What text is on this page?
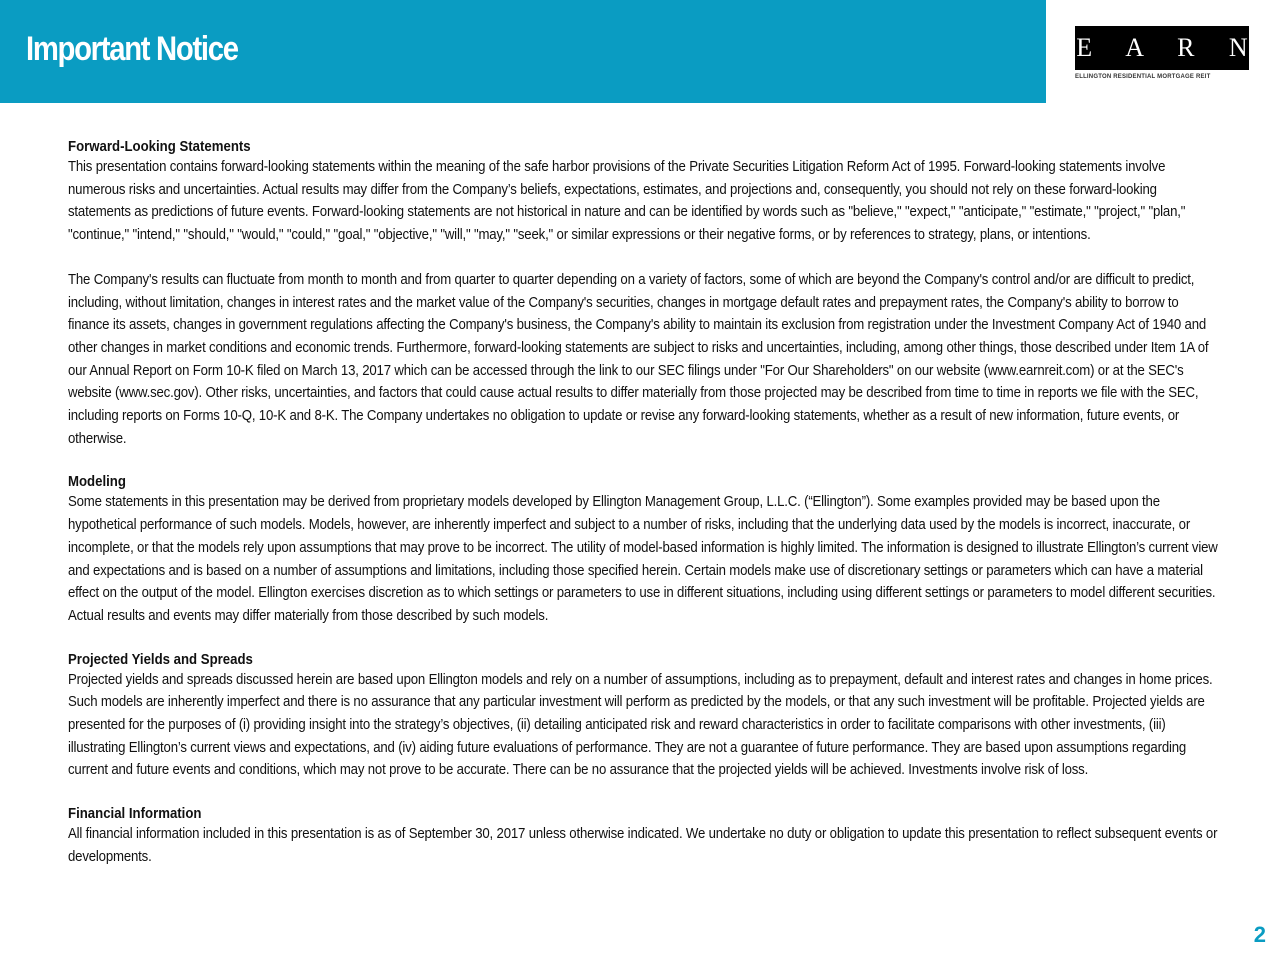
Important Notice	E A R N
ELLINGTON RESIDENTIAL MORTGAGE REIT
Forward-Looking Statements

This presentation contains forward-looking statements within the meaning of the safe harbor provisions of the Private Securities Litigation Reform Act of 1995. Forward-looking statements involve numerous risks and uncertainties. Actual results may differ from the Company’s beliefs, expectations, estimates, and projections and, consequently, you should not rely on these forward-looking statements as predictions of future events. Forward-looking statements are not historical in nature and can be identified by words such as "believe," "expect," "anticipate," "estimate," "project," "plan," "continue," "intend," "should," "would," "could," "goal," "objective," "will," "may," "seek," or similar expressions or their negative forms, or by references to strategy, plans, or intentions.

The Company's results can fluctuate from month to month and from quarter to quarter depending on a variety of factors, some of which are beyond the Company's control and/or are difficult to predict, including, without limitation, changes in interest rates and the market value of the Company's securities, changes in mortgage default rates and prepayment rates, the Company's ability to borrow to finance its assets, changes in government regulations affecting the Company's business, the Company's ability to maintain its exclusion from registration under the Investment Company Act of 1940 and other changes in market conditions and economic trends. Furthermore, forward-looking statements are subject to risks and uncertainties, including, among other things, those described under Item 1A of our Annual Report on Form 10-K filed on March 13, 2017 which can be accessed through the link to our SEC filings under "For Our Shareholders" on our website (www.earnreit.com) or at the SEC's website (www.sec.gov). Other risks, uncertainties, and factors that could cause actual results to differ materially from those projected may be described from time to time in reports we file with the SEC, including reports on Forms 10-Q, 10-K and 8-K. The Company undertakes no obligation to update or revise any forward-looking statements, whether as a result of new information, future events, or otherwise.

Modeling

Some statements in this presentation may be derived from proprietary models developed by Ellington Management Group, L.L.C. (“Ellington”). Some examples provided may be based upon the hypothetical performance of such models. Models, however, are inherently imperfect and subject to a number of risks, including that the underlying data used by the models is incorrect, inaccurate, or incomplete, or that the models rely upon assumptions that may prove to be incorrect. The utility of model-based information is highly limited. The information is designed to illustrate Ellington’s current view and expectations and is based on a number of assumptions and limitations, including those specified herein. Certain models make use of discretionary settings or parameters which can have a material effect on the output of the model. Ellington exercises discretion as to which settings or parameters to use in different situations, including using different settings or parameters to model different securities. Actual results and events may differ materially from those described by such models.

Projected Yields and Spreads

Projected yields and spreads discussed herein are based upon Ellington models and rely on a number of assumptions, including as to prepayment, default and interest rates and changes in home prices. Such models are inherently imperfect and there is no assurance that any particular investment will perform as predicted by the models, or that any such investment will be profitable. Projected yields are presented for the purposes of (i) providing insight into the strategy’s objectives, (ii) detailing anticipated risk and reward characteristics in order to facilitate comparisons with other investments, (iii) illustrating Ellington’s current views and expectations, and (iv) aiding future evaluations of performance. They are not a guarantee of future performance. They are based upon assumptions regarding current and future events and conditions, which may not prove to be accurate. There can be no assurance that the projected yields will be achieved. Investments involve risk of loss.

Financial Information

All financial information included in this presentation is as of September 30, 2017 unless otherwise indicated. We undertake no duty or obligation to update this presentation to reflect subsequent events or developments.

2
